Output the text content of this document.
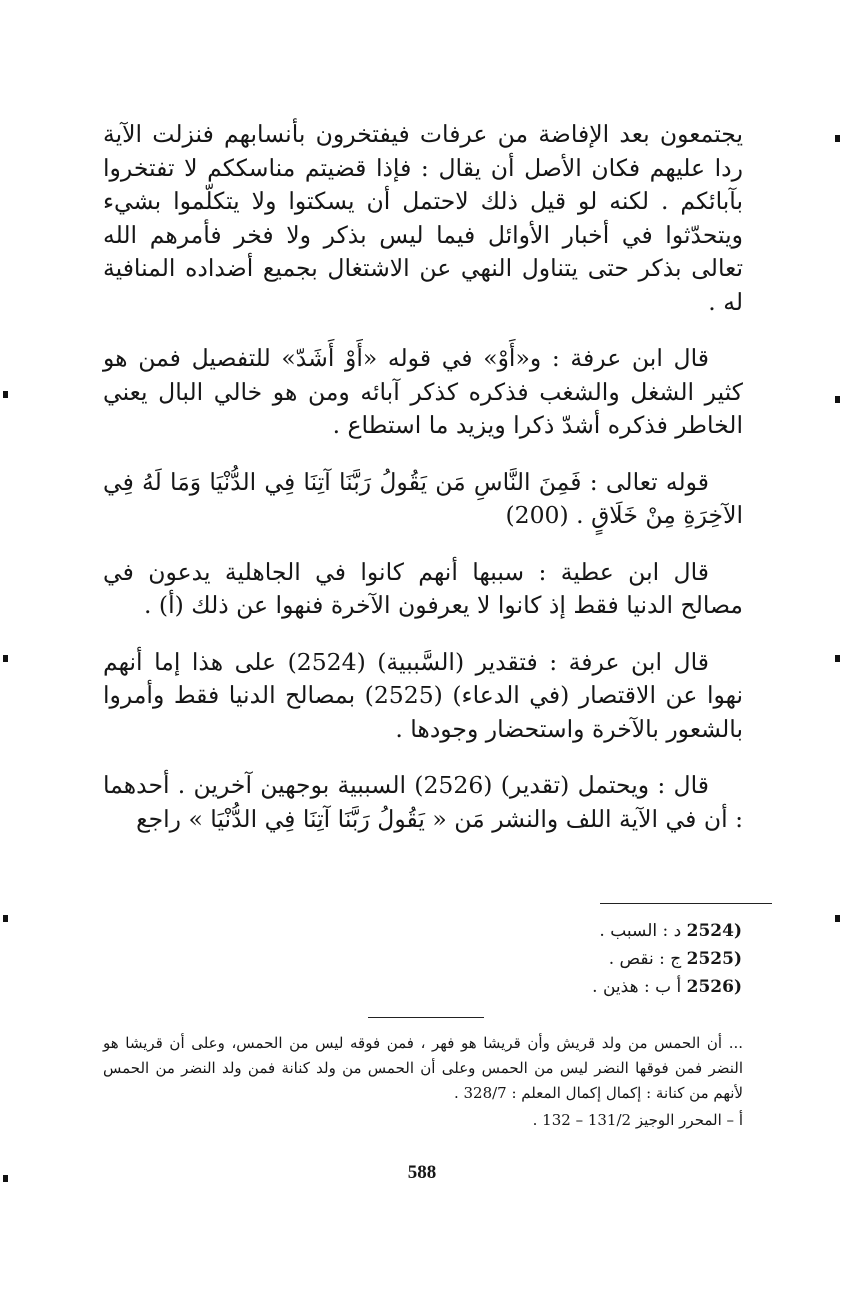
يجتمعون بعد الإفاضة من عرفات فيفتخرون بأنسابهم فنزلت الآية ردا عليهم فكان الأصل أن يقال : فإذا قضيتم مناسككم لا تفتخروا بآبائكم . لكنه لو قيل ذلك لاحتمل أن يسكتوا ولا يتكلّموا بشيء ويتحدّثوا في أخبار الأوائل فيما ليس بذكر ولا فخر فأمرهم الله تعالى بذكر حتى يتناول النهي عن الاشتغال بجميع أضداده المنافية له .

قال ابن عرفة : و«أَوْ» في قوله «أَوْ أَشَدّ» للتفصيل فمن هو كثير الشغل والشغب فذكره كذكر آبائه ومن هو خالي البال يعني الخاطر فذكره أشدّ ذكرا ويزيد ما استطاع .

قوله تعالى : فَمِنَ النَّاسِ مَن يَقُولُ رَبَّنَا آتِنَا فِي الدُّنْيَا وَمَا لَهُ فِي الآخِرَةِ مِنْ خَلَاقٍ . (200)

قال ابن عطية : سببها أنهم كانوا في الجاهلية يدعون في مصالح الدنيا فقط إذ كانوا لا يعرفون الآخرة فنهوا عن ذلك (أ) .

قال ابن عرفة : فتقدير (السَّببية) (2524) على هذا إما أنهم نهوا عن الاقتصار (في الدعاء) (2525) بمصالح الدنيا فقط وأمروا بالشعور بالآخرة واستحضار وجودها .

قال : ويحتمل (تقدير) (2526) السببية بوجهين آخرين . أحدهما : أن في الآية اللف والنشر مَن « يَقُولُ رَبَّنَا آتِنَا فِي الدُّنْيَا » راجع

(2524 د : السبب .
(2525 ج : نقص .
(2526 أ ب : هذين .

... أن الحمس من ولد قريش وأن قريشا هو فهر ، فمن فوقه ليس من الحمس، وعلى أن قريشا هو النضر فمن فوقها النضر ليس من الحمس وعلى أن الحمس من ولد كنانة فمن ولد النضر من الحمس لأنهم من كنانة : إكمال إكمال المعلم : 328/7 .

أ – المحرر الوجيز 131/2 – 132 .

588
